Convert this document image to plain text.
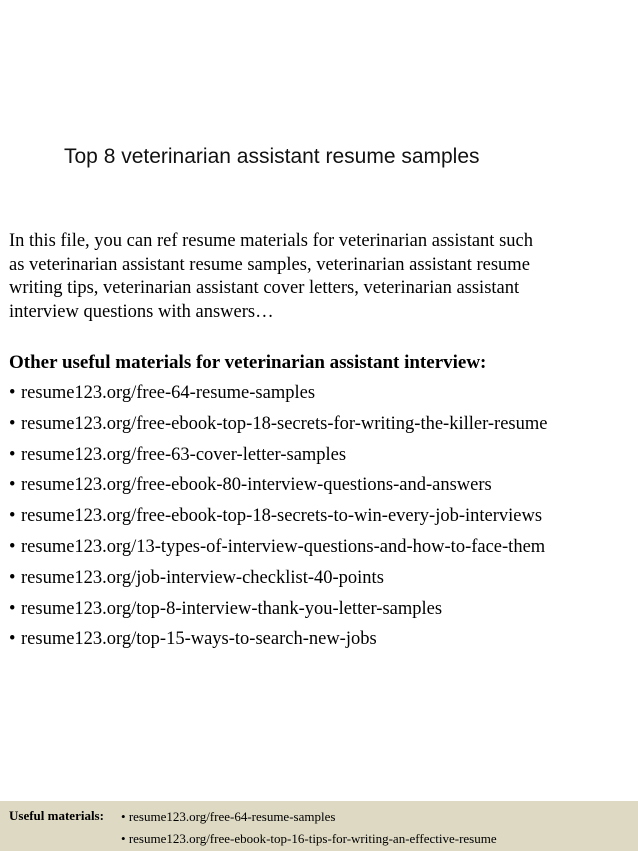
Top 8 veterinarian assistant resume samples
In this file, you can ref resume materials for veterinarian assistant such
as veterinarian assistant resume samples, veterinarian assistant resume
writing tips, veterinarian assistant cover letters, veterinarian assistant
interview questions with answers…
Other useful materials for veterinarian assistant interview:
• resume123.org/free-64-resume-samples
• resume123.org/free-ebook-top-18-secrets-for-writing-the-killer-resume
• resume123.org/free-63-cover-letter-samples
• resume123.org/free-ebook-80-interview-questions-and-answers
• resume123.org/free-ebook-top-18-secrets-to-win-every-job-interviews
• resume123.org/13-types-of-interview-questions-and-how-to-face-them
• resume123.org/job-interview-checklist-40-points
• resume123.org/top-8-interview-thank-you-letter-samples
• resume123.org/top-15-ways-to-search-new-jobs
Useful materials: • resume123.org/free-64-resume-samples
• resume123.org/free-ebook-top-16-tips-for-writing-an-effective-resume
